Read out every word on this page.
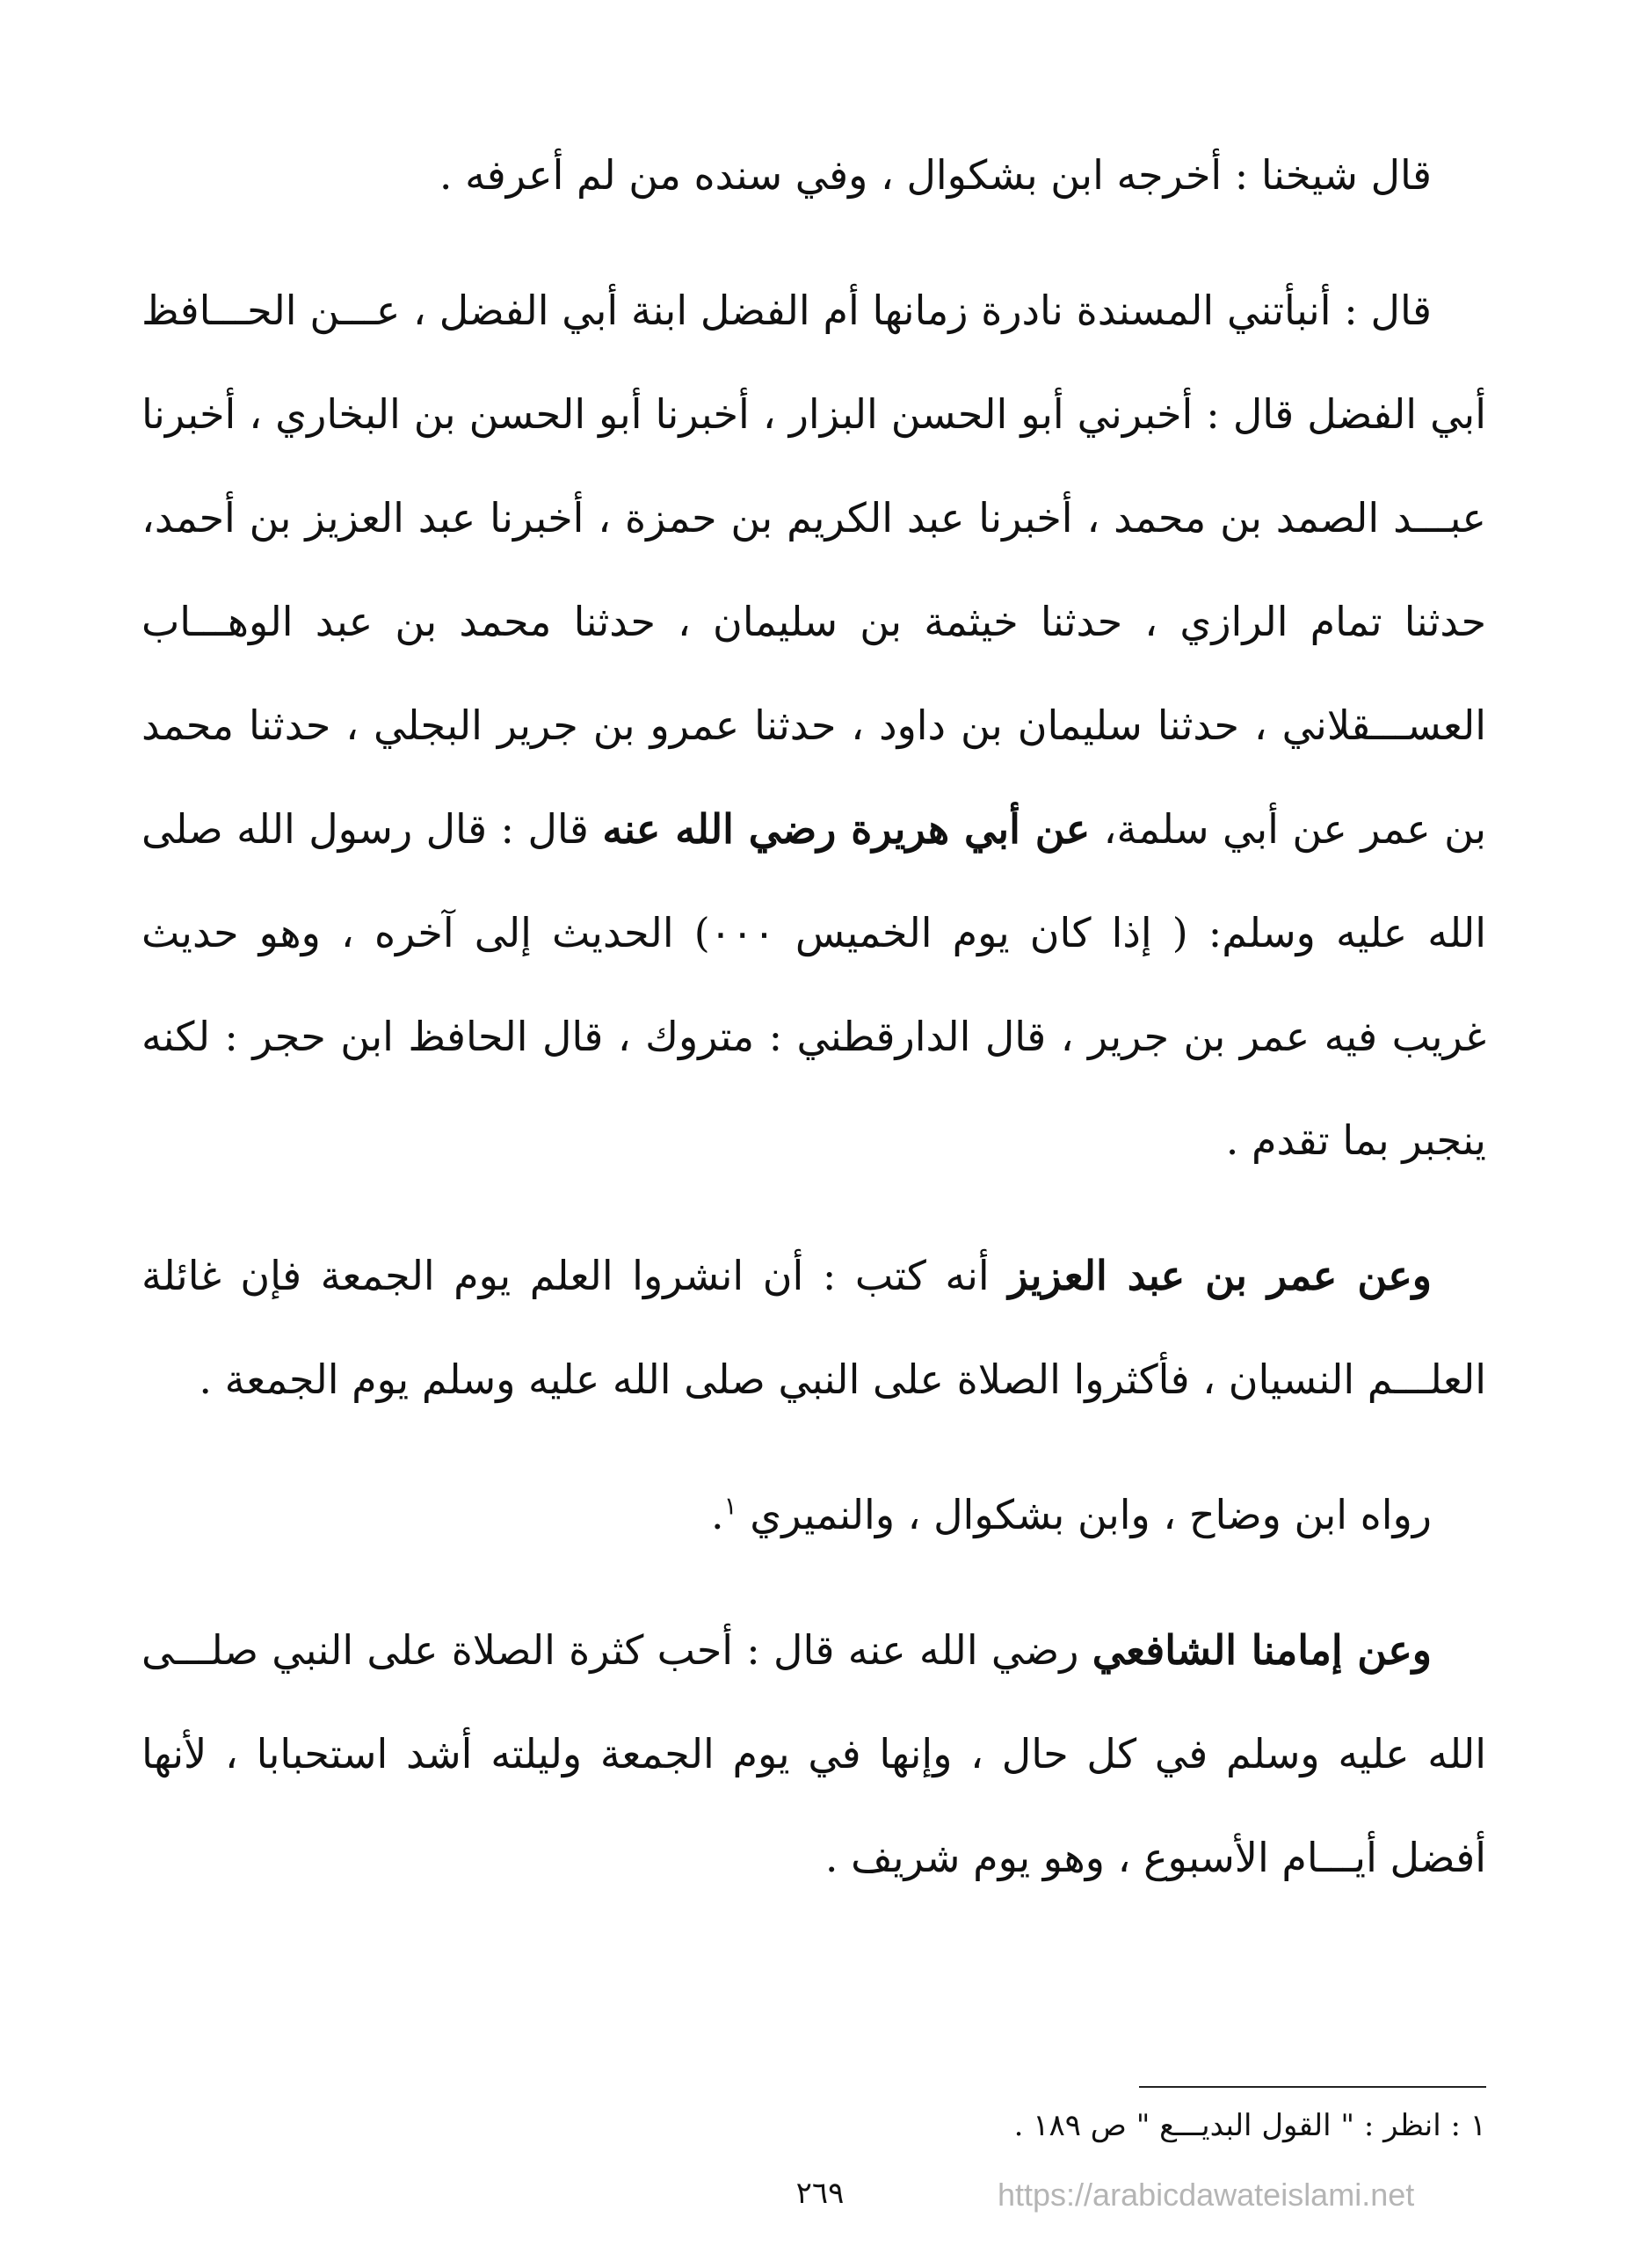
قال شيخنا : أخرجه ابن بشكوال ، وفي سنده من لم أعرفه .

قال : أنبأتني المسندة نادرة زمانها أم الفضل ابنة أبي الفضل ، عـــن الحـــافظ أبي الفضل قال : أخبرني أبو الحسن البزار ، أخبرنا أبو الحسن بن البخاري ، أخبرنا عبـــد الصمد بن محمد ، أخبرنا عبد الكريم بن حمزة ، أخبرنا عبد العزيز بن أحمد، حدثنا تمام الرازي ، حدثنا خيثمة بن سليمان ، حدثنا محمد بن عبد الوهـــاب العســـقلاني ، حدثنا سليمان بن داود ، حدثنا عمرو بن جرير البجلي ، حدثنا محمد بن عمر عن أبي سلمة، عن أبي هريرة رضي الله عنه قال : قال رسول الله صلى الله عليه وسلم: ( إذا كان يوم الخميس ٠٠٠) الحديث إلى آخره ، وهو حديث غريب فيه عمر بن جرير ، قال الدارقطني : متروك ، قال الحافظ ابن حجر : لكنه ينجبر بما تقدم .

وعن عمر بن عبد العزيز أنه كتب : أن انشروا العلم يوم الجمعة فإن غائلة العلـــم النسيان ، فأكثروا الصلاة على النبي صلى الله عليه وسلم يوم الجمعة .

رواه ابن وضاح ، وابن بشكوال ، والنميري $^١$.

وعن إمامنا الشافعي رضي الله عنه قال : أحب كثرة الصلاة على النبي صلـــى الله عليه وسلم في كل حال ، وإنها في يوم الجمعة وليلته أشد استحبابا ، لأنها أفضل أيـــام الأسبوع ، وهو يوم شريف .

١ : انظر : " القول البديـــع " ص ١٨٩ .
٢٦٩	https://arabicdawateislami.net
